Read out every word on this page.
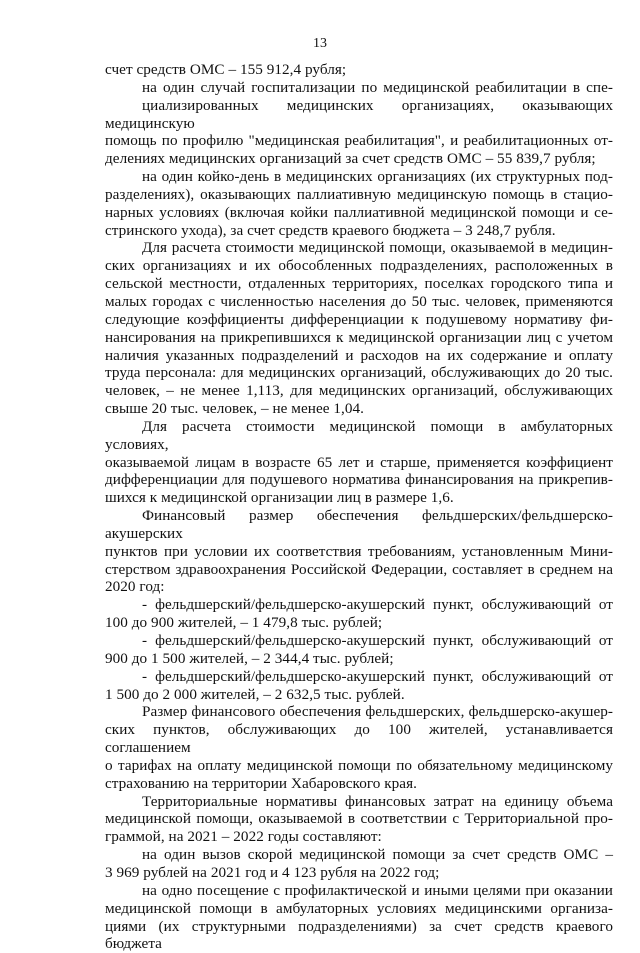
13

счет средств ОМС – 155 912,4 рубля;

на один случай госпитализации по медицинской реабилитации в спе-
циализированных медицинских организациях, оказывающих медицинскую
помощь по профилю "медицинская реабилитация", и реабилитационных от-
делениях медицинских организаций за счет средств ОМС – 55 839,7 рубля;

на один койко-день в медицинских организациях (их структурных под-
разделениях), оказывающих паллиативную медицинскую помощь в стацио-
нарных условиях (включая койки паллиативной медицинской помощи и се-
стринского ухода), за счет средств краевого бюджета – 3 248,7 рубля.

Для расчета стоимости медицинской помощи, оказываемой в медицин-
ских организациях и их обособленных подразделениях, расположенных в
сельской местности, отдаленных территориях, поселках городского типа и
малых городах с численностью населения до 50 тыс. человек, применяются
следующие коэффициенты дифференциации к подушевому нормативу фи-
нансирования на прикрепившихся к медицинской организации лиц с учетом
наличия указанных подразделений и расходов на их содержание и оплату
труда персонала: для медицинских организаций, обслуживающих до 20 тыс.
человек, – не менее 1,113, для медицинских организаций, обслуживающих
свыше 20 тыс. человек, – не менее 1,04.

Для расчета стоимости медицинской помощи в амбулаторных условиях,
оказываемой лицам в возрасте 65 лет и старше, применяется коэффициент
дифференциации для подушевого норматива финансирования на прикрепив-
шихся к медицинской организации лиц в размере 1,6.

Финансовый размер обеспечения фельдшерских/фельдшерско-акушерских
пунктов при условии их соответствия требованиям, установленным Мини-
стерством здравоохранения Российской Федерации, составляет в среднем на
2020 год:

- фельдшерский/фельдшерско-акушерский пункт, обслуживающий от
100 до 900 жителей, – 1 479,8 тыс. рублей;

- фельдшерский/фельдшерско-акушерский пункт, обслуживающий от
900 до 1 500 жителей, – 2 344,4 тыс. рублей;

- фельдшерский/фельдшерско-акушерский пункт, обслуживающий от
1 500 до 2 000 жителей, – 2 632,5 тыс. рублей.

Размер финансового обеспечения фельдшерских, фельдшерско-акушер-
ских пунктов, обслуживающих до 100 жителей, устанавливается соглашением
о тарифах на оплату медицинской помощи по обязательному медицинскому
страхованию на территории Хабаровского края.

Территориальные нормативы финансовых затрат на единицу объема
медицинской помощи, оказываемой в соответствии с Территориальной про-
граммой, на 2021 – 2022 годы составляют:

на один вызов скорой медицинской помощи за счет средств ОМС –
3 969 рублей на 2021 год и 4 123 рубля на 2022 год;

на одно посещение с профилактической и иными целями при оказании
медицинской помощи в амбулаторных условиях медицинскими организа-
циями (их структурными подразделениями) за счет средств краевого бюджета
